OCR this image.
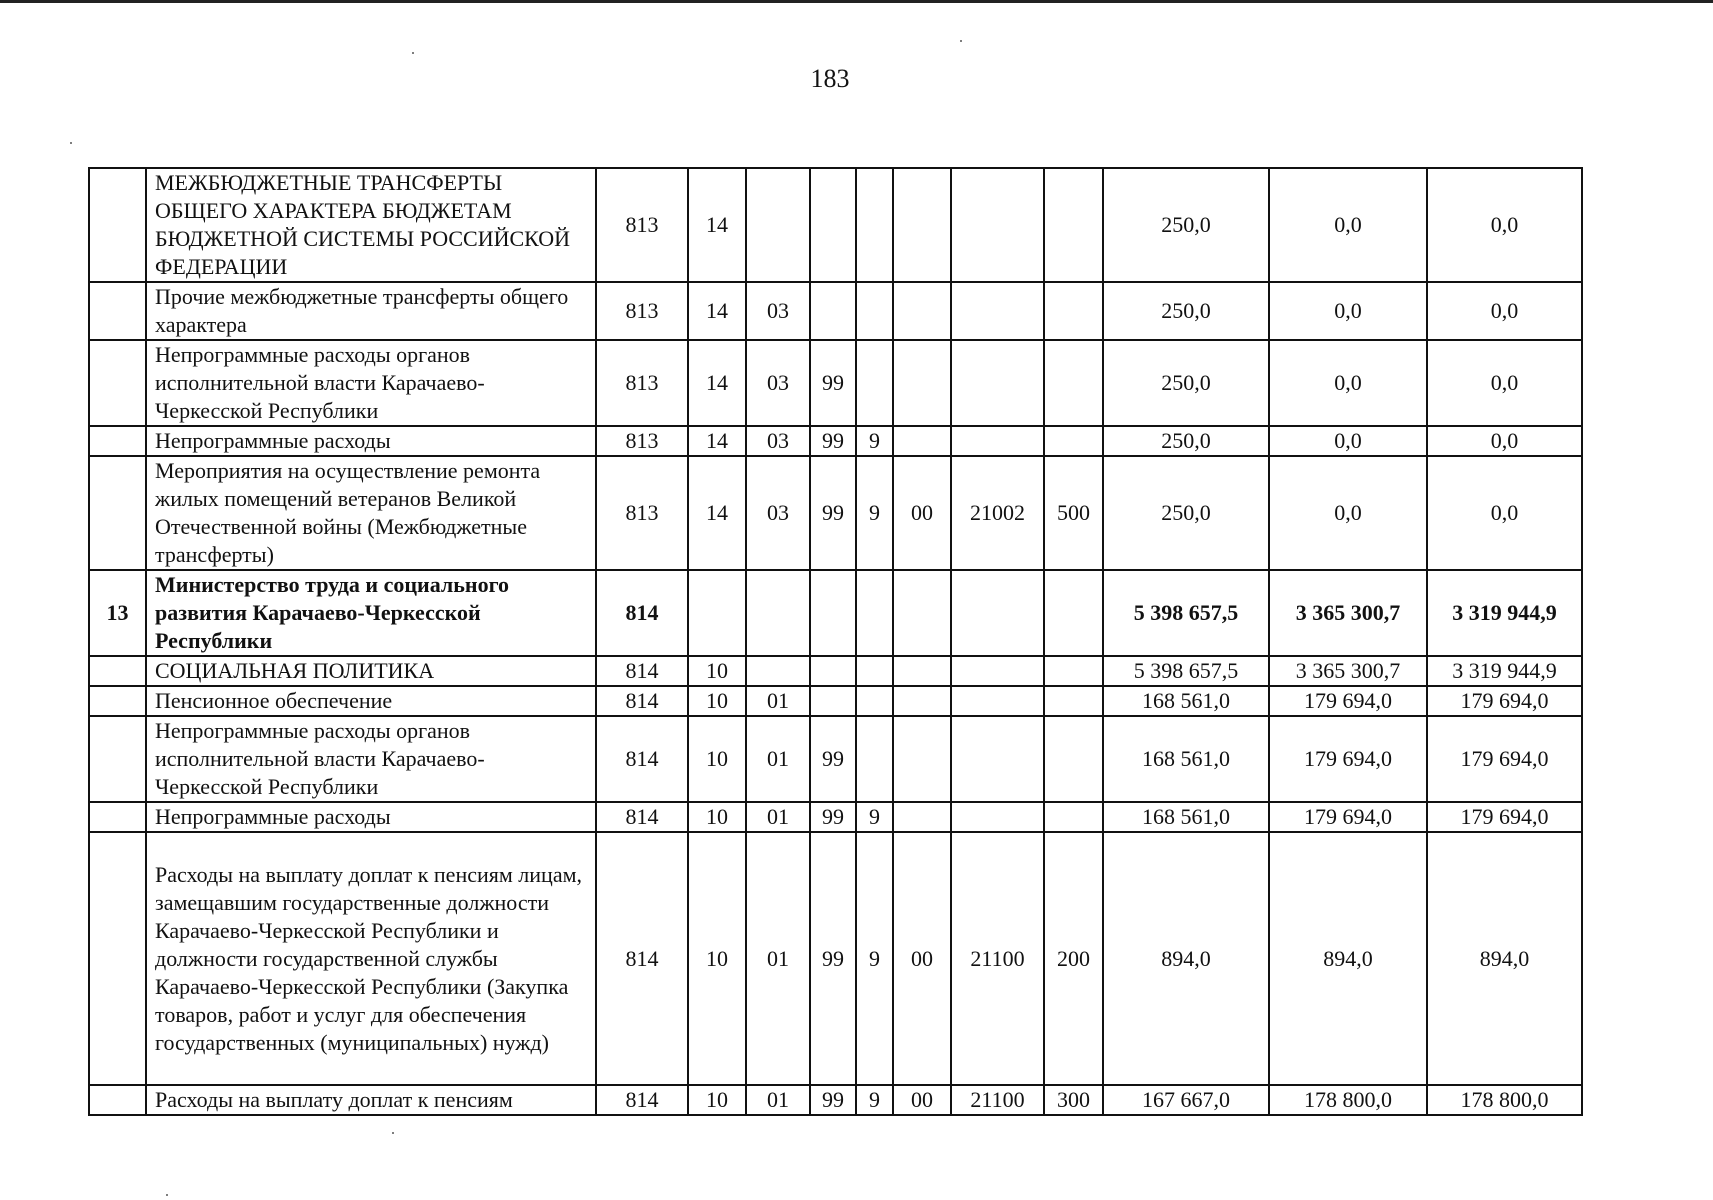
183
	МЕЖБЮДЖЕТНЫЕ ТРАНСФЕРТЫ ОБЩЕГО ХАРАКТЕРА БЮДЖЕТАМ БЮДЖЕТНОЙ СИСТЕМЫ РОССИЙСКОЙ ФЕДЕРАЦИИ	813	14							250,0	0,0	0,0
	Прочие межбюджетные трансферты общего характера	813	14	03						250,0	0,0	0,0
	Непрограммные расходы органов исполнительной власти Карачаево-Черкесской Республики	813	14	03	99					250,0	0,0	0,0
	Непрограммные расходы	813	14	03	99	9				250,0	0,0	0,0
	Мероприятия на осуществление ремонта жилых помещений ветеранов Великой Отечественной войны (Межбюджетные трансферты)	813	14	03	99	9	00	21002	500	250,0	0,0	0,0
13	Министерство труда и социального развития Карачаево-Черкесской Республики	814								5 398 657,5	3 365 300,7	3 319 944,9
	СОЦИАЛЬНАЯ ПОЛИТИКА	814	10							5 398 657,5	3 365 300,7	3 319 944,9
	Пенсионное обеспечение	814	10	01						168 561,0	179 694,0	179 694,0
	Непрограммные расходы органов исполнительной власти Карачаево-Черкесской Республики	814	10	01	99					168 561,0	179 694,0	179 694,0
	Непрограммные расходы	814	10	01	99	9				168 561,0	179 694,0	179 694,0
	Расходы на выплату доплат к пенсиям лицам, замещавшим государственные должности Карачаево-Черкесской Республики и должности государственной службы Карачаево-Черкесской Республики (Закупка товаров, работ и услуг для обеспечения государственных (муниципальных) нужд)	814	10	01	99	9	00	21100	200	894,0	894,0	894,0
	Расходы на выплату доплат к пенсиям	814	10	01	99	9	00	21100	300	167 667,0	178 800,0	178 800,0
